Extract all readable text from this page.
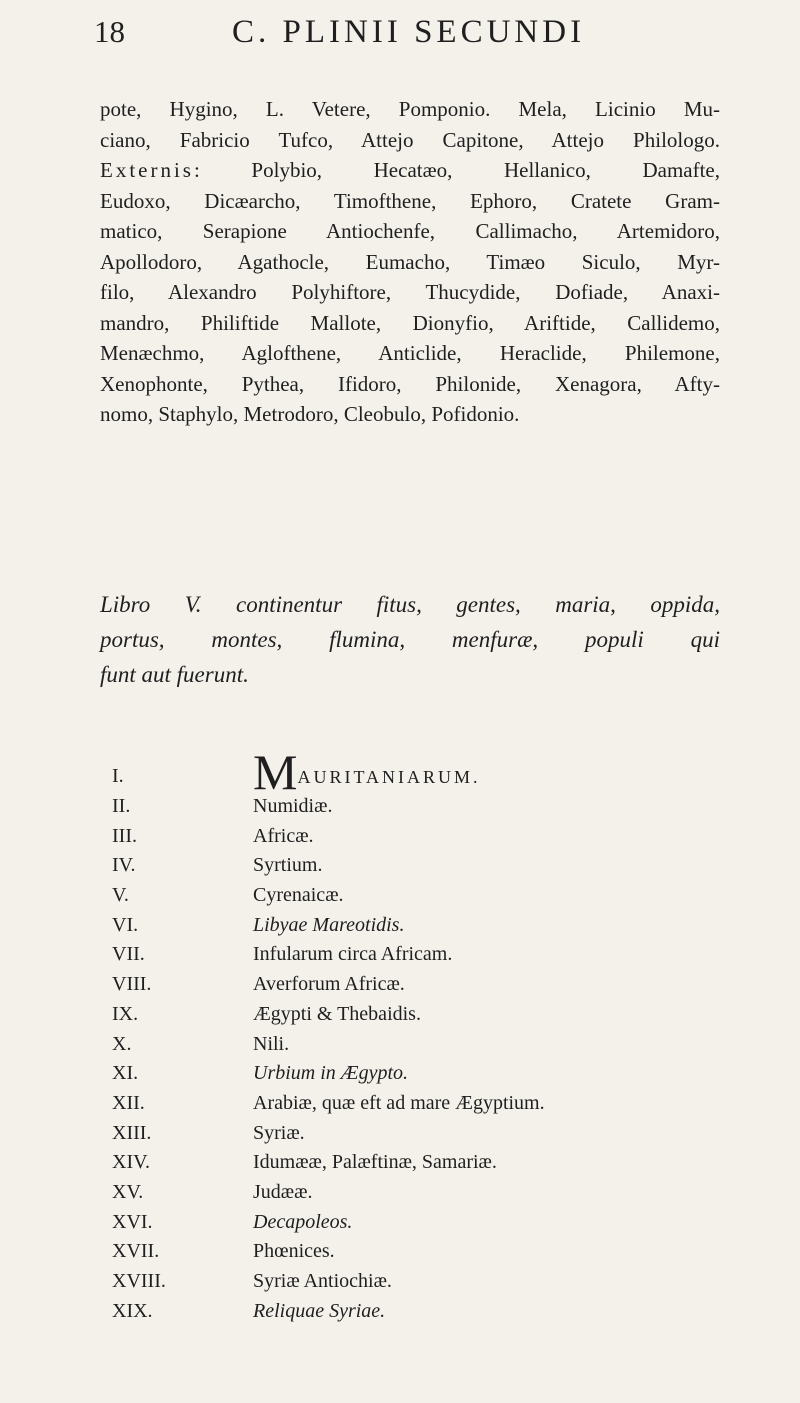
18	C. PLINII SECUNDI
pote, Hygino, L. Vetere, Pomponio. Mela, Licinio Mu-
ciano, Fabricio Tufco, Attejo Capitone, Attejo Philologo.
Externis: Polybio, Hecatæo, Hellanico, Damafte,
Eudoxo, Dicæarcho, Timofthene, Ephoro, Cratete Gram-
matico, Serapione Antiochenfe, Callimacho, Artemidoro,
Apollodoro, Agathocle, Eumacho, Timæo Siculo, Myr-
filo, Alexandro Polyhiftore, Thucydide, Dofiade, Anaxi-
mandro, Philiftide Mallote, Dionyfio, Ariftide, Callidemo,
Menæchmo, Aglofthene, Anticlide, Heraclide, Philemone,
Xenophonte, Pythea, Ifidoro, Philonide, Xenagora, Afty-
nomo, Staphylo, Metrodoro, Cleobulo, Pofidonio.
Libro V. continentur fitus, gentes, maria, oppida,
portus, montes, flumina, menfuræ, populi qui
funt aut fuerunt.
I.	MAURITANIARUM.
II.	Numidiæ.
III.	Africæ.
IV.	Syrtium.
V.	Cyrenaicæ.
VI.	Libyae Mareotidis.
VII.	Infularum circa Africam.
VIII.	Averforum Africæ.
IX.	Ægypti & Thebaidis.
X.	Nili.
XI.	Urbium in Ægypto.
XII.	Arabiæ, quæ eft ad mare Ægyptium.
XIII.	Syriæ.
XIV.	Idumææ, Palæftinæ, Samariæ.
XV.	Judææ.
XVI.	Decapoleos.
XVII.	Phœnices.
XVIII.	Syriæ Antiochiæ.
XIX.	Reliquae Syriae.
